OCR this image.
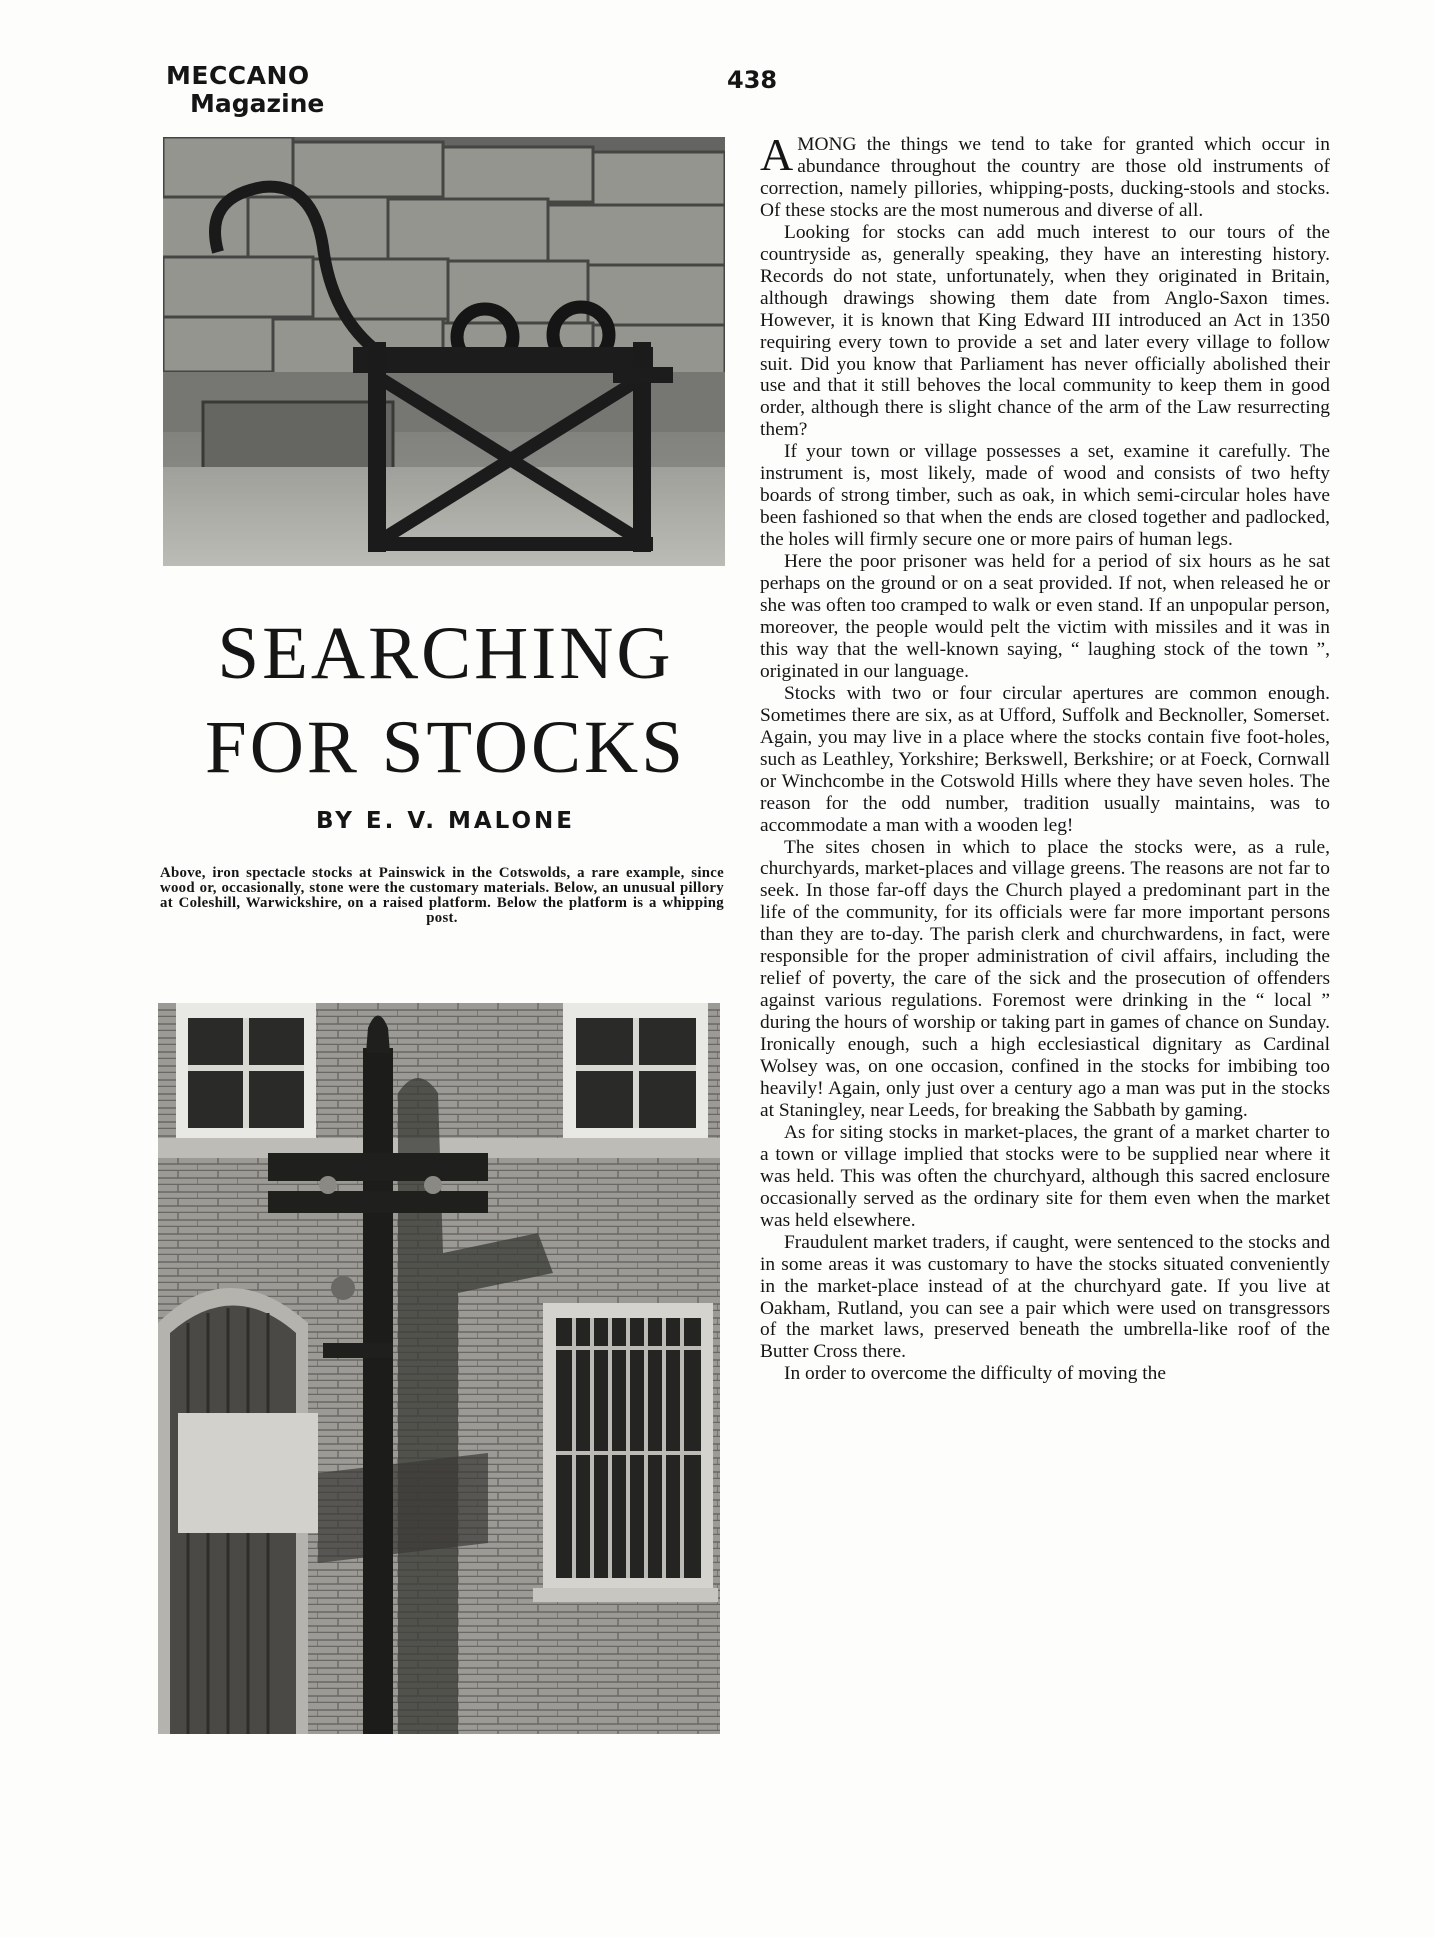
MECCANO
Magazine
438
SEARCHING
FOR STOCKS
BY E. V. MALONE
Above, iron spectacle stocks at Painswick in the Cotswolds, a rare example, since wood or, occasionally, stone were the customary materials. Below, an unusual pillory at Coleshill, Warwickshire, on a raised platform. Below the platform is a whipping post.

AMONG the things we tend to take for granted which occur in abundance throughout the country are those old instruments of correction, namely pillories, whipping-posts, ducking-stools and stocks. Of these stocks are the most numerous and diverse of all.

Looking for stocks can add much interest to our tours of the countryside as, generally speaking, they have an interesting history. Records do not state, unfortunately, when they originated in Britain, although drawings showing them date from Anglo-Saxon times. However, it is known that King Edward III introduced an Act in 1350 requiring every town to provide a set and later every village to follow suit. Did you know that Parliament has never officially abolished their use and that it still behoves the local community to keep them in good order, although there is slight chance of the arm of the Law resurrecting them?

If your town or village possesses a set, examine it carefully. The instrument is, most likely, made of wood and consists of two hefty boards of strong timber, such as oak, in which semi-circular holes have been fashioned so that when the ends are closed together and padlocked, the holes will firmly secure one or more pairs of human legs.

Here the poor prisoner was held for a period of six hours as he sat perhaps on the ground or on a seat provided. If not, when released he or she was often too cramped to walk or even stand. If an unpopular person, moreover, the people would pelt the victim with missiles and it was in this way that the well-known saying, “ laughing stock of the town ”, originated in our language.

Stocks with two or four circular apertures are common enough. Sometimes there are six, as at Ufford, Suffolk and Becknoller, Somerset. Again, you may live in a place where the stocks contain five foot-holes, such as Leathley, Yorkshire; Berkswell, Berkshire; or at Foeck, Cornwall or Winchcombe in the Cotswold Hills where they have seven holes. The reason for the odd number, tradition usually maintains, was to accommodate a man with a wooden leg!

The sites chosen in which to place the stocks were, as a rule, churchyards, market-places and village greens. The reasons are not far to seek. In those far-off days the Church played a predominant part in the life of the community, for its officials were far more important persons than they are to-day. The parish clerk and churchwardens, in fact, were responsible for the proper administration of civil affairs, including the relief of poverty, the care of the sick and the prosecution of offenders against various regulations. Foremost were drinking in the “ local ” during the hours of worship or taking part in games of chance on Sunday. Ironically enough, such a high ecclesiastical dignitary as Cardinal Wolsey was, on one occasion, confined in the stocks for imbibing too heavily! Again, only just over a century ago a man was put in the stocks at Staningley, near Leeds, for breaking the Sabbath by gaming.

As for siting stocks in market-places, the grant of a market charter to a town or village implied that stocks were to be supplied near where it was held. This was often the churchyard, although this sacred enclosure occasionally served as the ordinary site for them even when the market was held elsewhere.

Fraudulent market traders, if caught, were sentenced to the stocks and in some areas it was customary to have the stocks situated conveniently in the market-place instead of at the churchyard gate. If you live at Oakham, Rutland, you can see a pair which were used on transgressors of the market laws, preserved beneath the umbrella-like roof of the Butter Cross there.

In order to overcome the difficulty of moving the
